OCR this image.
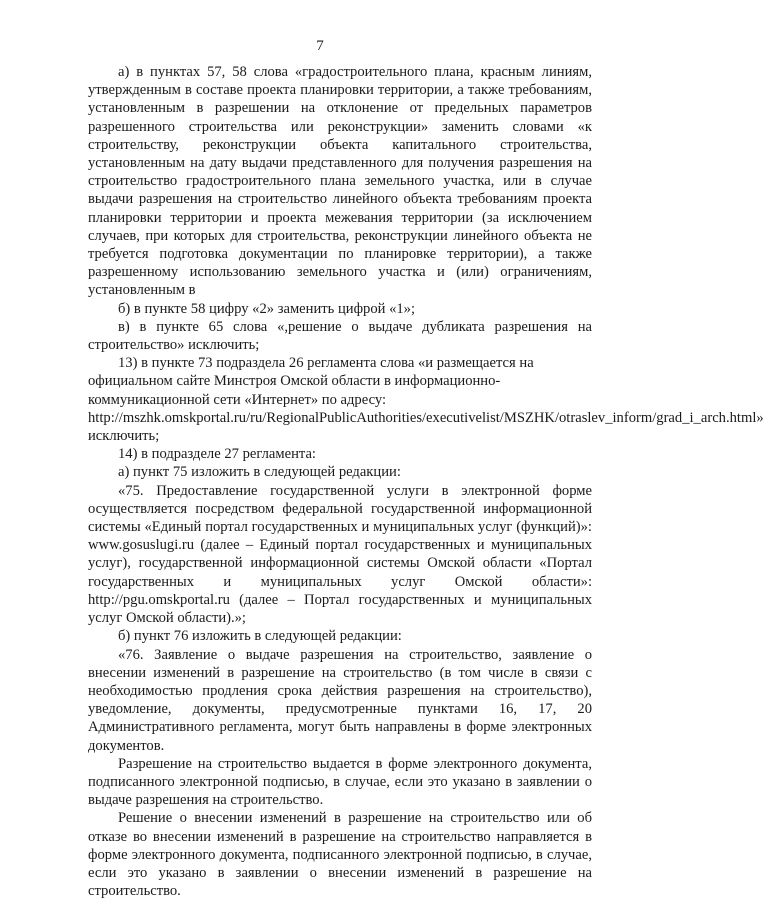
7

а) в пунктах 57, 58 слова «градостроительного плана, красным линиям, утвержденным в составе проекта планировки территории, а также требованиям, установленным в разрешении на отклонение от предельных параметров разрешенного строительства или реконструкции» заменить словами «к строительству, реконструкции объекта капитального строительства, установленным на дату выдачи представленного для получения разрешения на строительство градостроительного плана земельного участка, или в случае выдачи разрешения на строительство линейного объекта требованиям проекта планировки территории и проекта межевания территории (за исключением случаев, при которых для строительства, реконструкции линейного объекта не требуется подготовка документации по планировке территории), а также разрешенному использованию земельного участка и (или) ограничениям, установленным в

б) в пункте 58 цифру «2» заменить цифрой «1»;

в) в пункте 65 слова «,решение о выдаче дубликата разрешения на строительство» исключить;

13) в пункте 73 подраздела 26 регламента слова «и размещается на официальном сайте Минстроя Омской области в информационно-коммуникационной сети «Интернет» по адресу: http://mszhk.omskportal.ru/ru/RegionalPublicAuthorities/executivelist/MSZHK/otraslev_inform/grad_i_arch.html» исключить;

14) в подразделе 27 регламента:

а) пункт 75 изложить в следующей редакции:

«75. Предоставление государственной услуги в электронной форме осуществляется посредством федеральной государственной информационной системы «Единый портал государственных и муниципальных услуг (функций)»: www.gosuslugi.ru (далее – Единый портал государственных и муниципальных услуг), государственной информационной системы Омской области «Портал государственных и муниципальных услуг Омской области»: http://pgu.omskportal.ru (далее – Портал государственных и муниципальных услуг Омской области).»;

б) пункт 76 изложить в следующей редакции:

«76. Заявление о выдаче разрешения на строительство, заявление о внесении изменений в разрешение на строительство (в том числе в связи с необходимостью продления срока действия разрешения на строительство), уведомление, документы, предусмотренные пунктами 16, 17, 20 Административного регламента, могут быть направлены в форме электронных документов.

Разрешение на строительство выдается в форме электронного документа, подписанного электронной подписью, в случае, если это указано в заявлении о выдаче разрешения на строительство.

Решение о внесении изменений в разрешение на строительство или об отказе во внесении изменений в разрешение на строительство направляется в форме электронного документа, подписанного электронной подписью, в случае, если это указано в заявлении о внесении изменений в разрешение на строительство.
